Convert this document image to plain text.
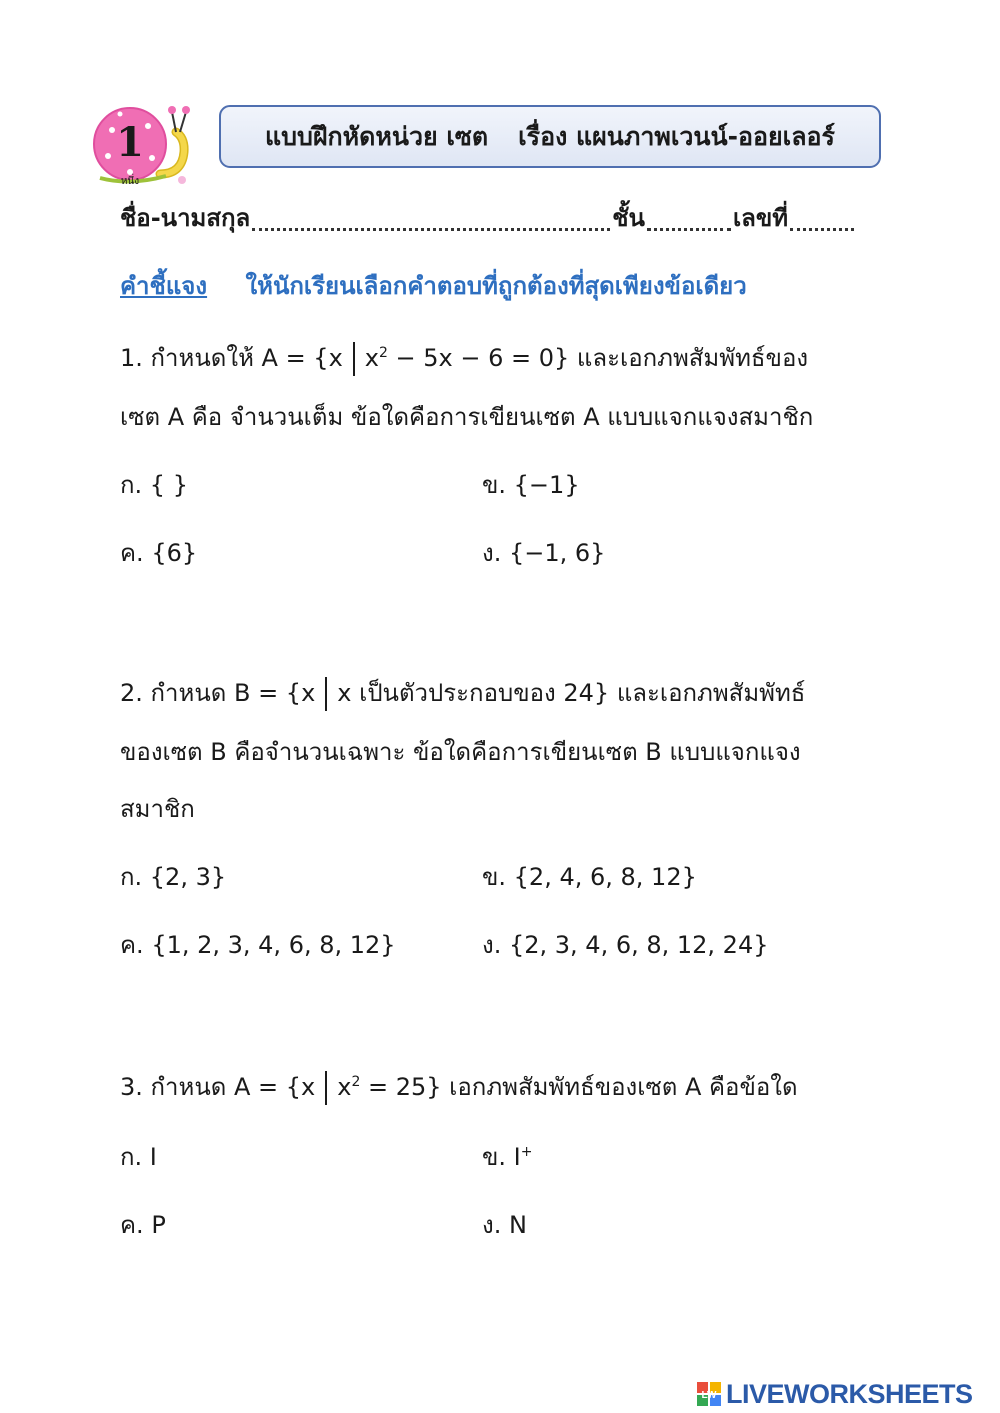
1
หนึ่ง
แบบฝึกหัดหน่วย เซต เรื่อง แผนภาพเวนน์-ออยเลอร์
ชื่อ-นามสกุล	ชั้น	เลขที่
คำชี้แจง ให้นักเรียนเลือกคำตอบที่ถูกต้องที่สุดเพียงข้อเดียว
1. กำหนดให้ A = {x $x^2 - 5x - 6 = 0$} และเอกภพสัมพัทธ์ของ
เซต A คือ จำนวนเต็ม ข้อใดคือการเขียนเซต A แบบแจกแจงสมาชิก
ก. { }	ข. {−1}
ค. {6}	ง. {−1, 6}
2. กำหนด B = {x x เป็นตัวประกอบของ 24} และเอกภพสัมพัทธ์
ของเซต B คือจำนวนเฉพาะ ข้อใดคือการเขียนเซต B แบบแจกแจง
สมาชิก
ก. {2, 3}	ข. {2, 4, 6, 8, 12}
ค. {1, 2, 3, 4, 6, 8, 12}	ง. {2, 3, 4, 6, 8, 12, 24}
3. กำหนด A = {x $x^2 = 25$} เอกภพสัมพัทธ์ของเซต A คือข้อใด
ก. I	ข. I+
ค. P	ง. N
LW LIVEWORKSHEETS
